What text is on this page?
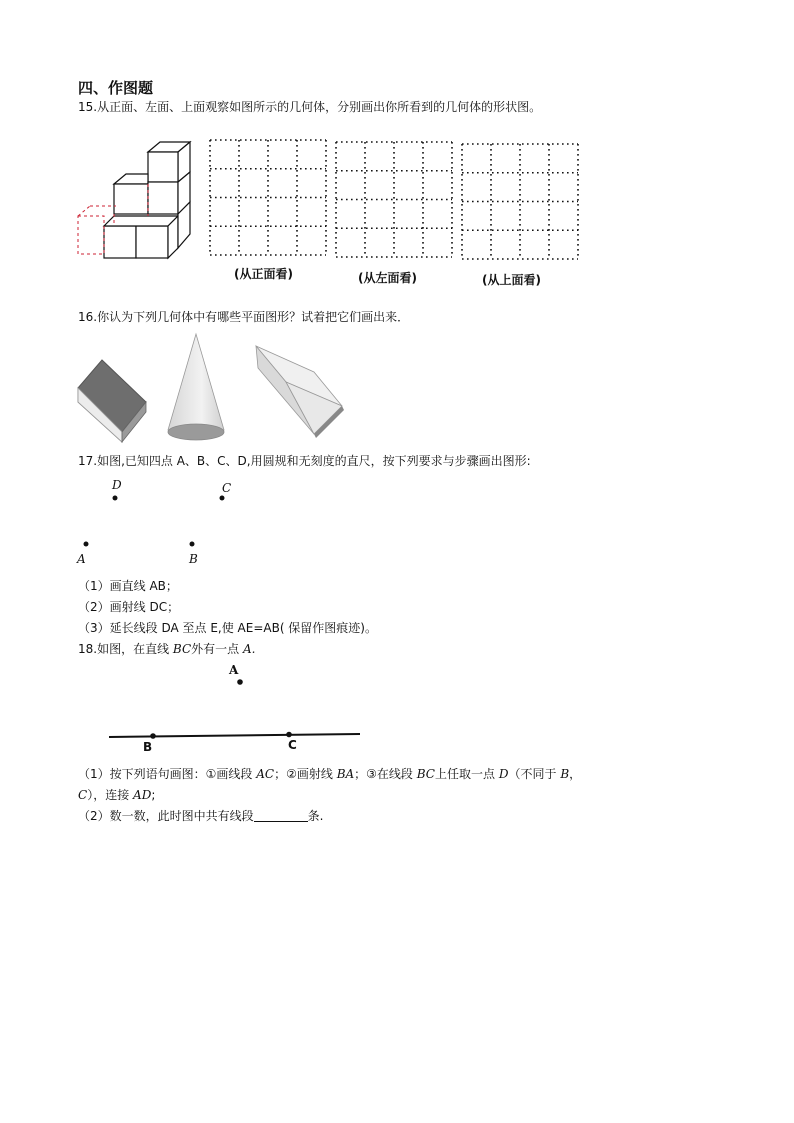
四、作图题
15.从正面、左面、上面观察如图所示的几何体，分别画出你所看到的几何体的形状图。
(从正面看)	(从左面看)	(从上面看)
16.你认为下列几何体中有哪些平面图形？试着把它们画出来．
17.如图,已知四点 A、B、C、D,用圆规和无刻度的直尺，按下列要求与步骤画出图形:
D	C
A	B
（1）画直线 AB；
（2）画射线 DC；
（3）延长线段 DA 至点 E,使 AE=AB( 保留作图痕迹)。
18.如图，在直线 BC外有一点 A.
A
B	C
（1）按下列语句画图：①画线段 AC；②画射线 BA；③在线段 BC上任取一点 D（不同于 B，
C），连接 AD;
（2）数一数，此时图中共有线段	条.
